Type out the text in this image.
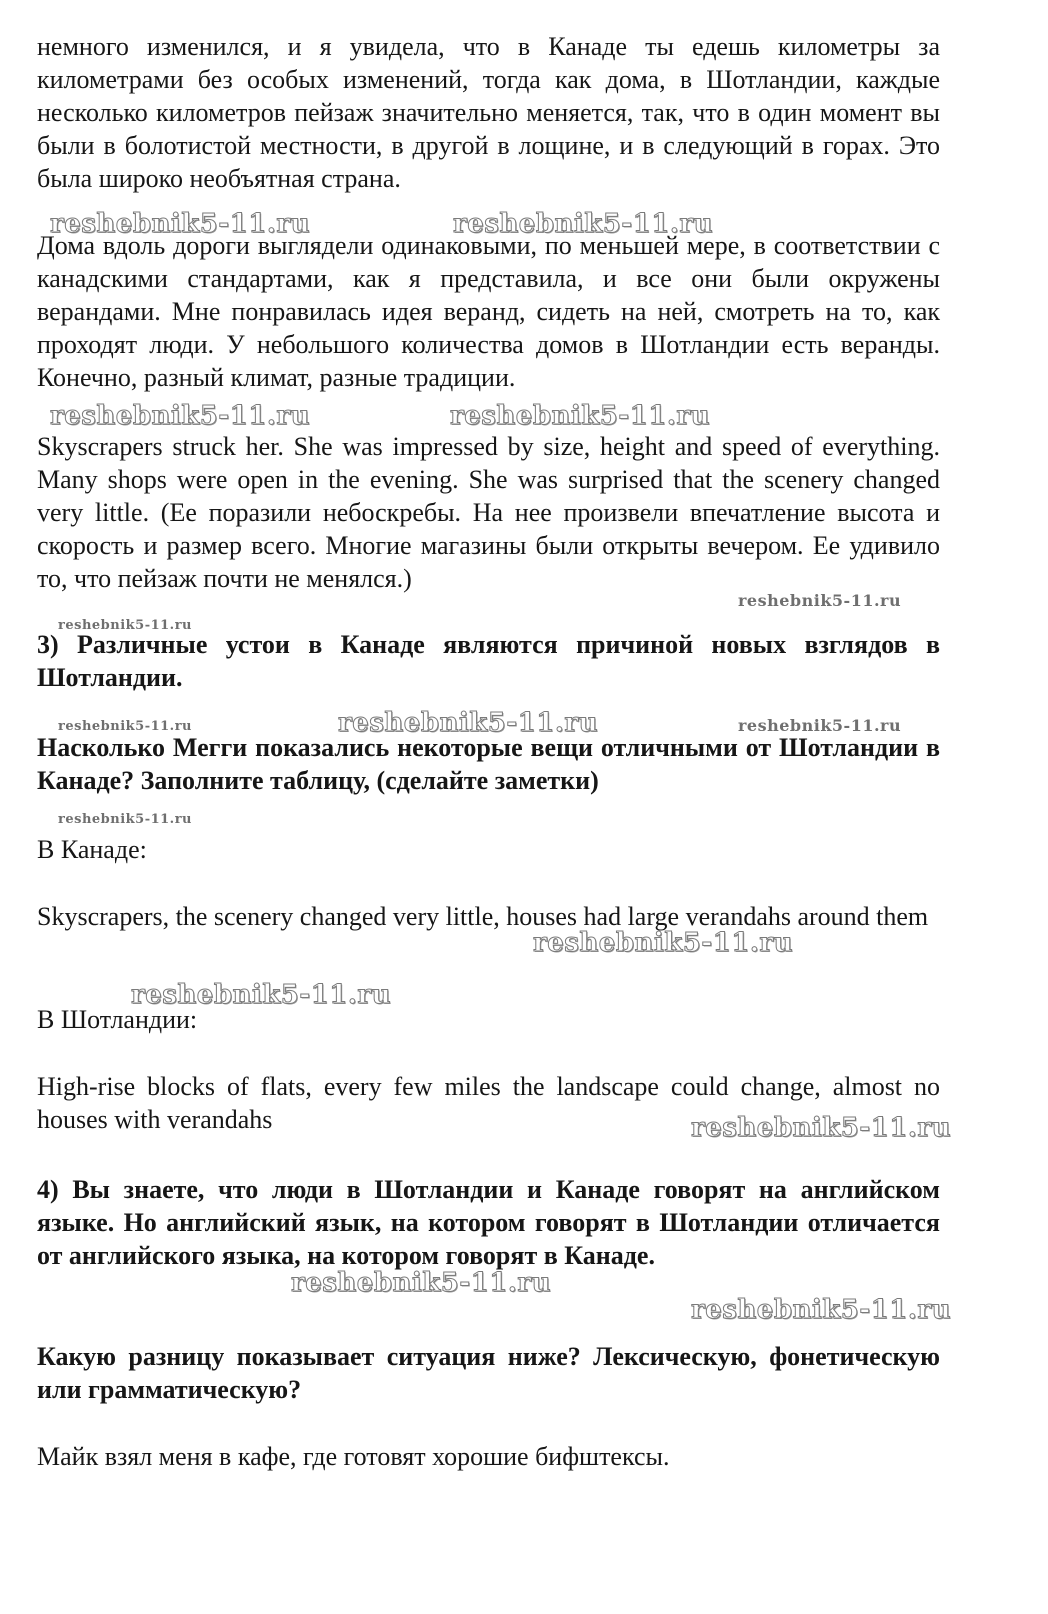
немного изменился, и я увидела, что в Канаде ты едешь километры за километрами без особых изменений, тогда как дома, в Шотландии, каждые несколько километров пейзаж значительно меняется, так, что в один момент вы были в болотистой местности, в другой в лощине, и в следующий в горах. Это была широко необъятная страна.

reshebnik5-11.ru	reshebnik5-11.ru

Дома вдоль дороги выглядели одинаковыми, по меньшей мере, в соответствии с канадскими стандартами, как я представила, и все они были окружены верандами. Мне понравилась идея веранд, сидеть на ней, смотреть на то, как проходят люди. У небольшого количества домов в Шотландии есть веранды. Конечно, разный климат, разные традиции.

reshebnik5-11.ru	reshebnik5-11.ru

Skyscrapers struck her. She was impressed by size, height and speed of everything. Many shops were open in the evening. She was surprised that the scenery changed very little. (Ее поразили небоскребы. На нее произвели впечатление высота и скорость и размер всего. Многие магазины были открыты вечером. Ее удивило то, что пейзаж почти не менялся.)

reshebnik5-11.ru
reshebnik5-11.ru

3) Различные устои в Канаде являются причиной новых взглядов в Шотландии.

reshebnik5-11.ru	reshebnik5-11.ru	reshebnik5-11.ru

Насколько Мегги показались некоторые вещи отличными от Шотландии в Канаде? Заполните таблицу, (сделайте заметки)

reshebnik5-11.ru

В Канаде:

Skyscrapers, the scenery changed very little, houses had large verandahs around them

reshebnik5-11.ru
reshebnik5-11.ru

В Шотландии:

High-rise blocks of flats, every few miles the landscape could change, almost no houses with verandahs	reshebnik5-11.ru

4) Вы знаете, что люди в Шотландии и Канаде говорят на английском языке. Но английский язык, на котором говорят в Шотландии отличается от английского языка, на котором говорят в Канаде.

reshebnik5-11.ru
reshebnik5-11.ru

Какую разницу показывает ситуация ниже? Лексическую, фонетическую или грамматическую?

Майк взял меня в кафе, где готовят хорошие бифштексы.
